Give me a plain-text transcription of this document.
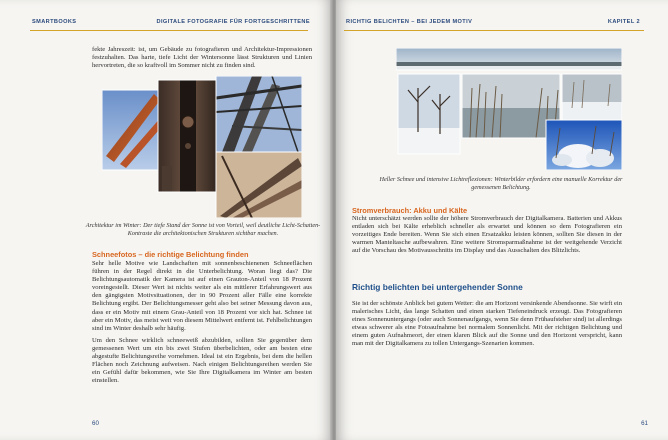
SMARTBOOKS	DIGITALE FOTOGRAFIE FÜR FORTGESCHRITTENE

fekte Jahreszeit: ist, um Gebäude zu fotografieren und Architektur-Impressionen festzuhalten. Das harte, tiefe Licht der Wintersonne lässt Strukturen und Linien hervortreten, die so kraftvoll im Sommer nicht zu finden sind.

Architektur im Winter: Der tiefe Stand der Sonne ist von Vorteil, weil deutliche Licht-Schatten-Kontraste die architektonischen Strukturen sichtbar machen.
Schneefotos – die richtige Belichtung finden

Sehr helle Motive wie Landschaften mit sonnenbeschienenen Schneeflächen führen in der Regel direkt in die Unterbelichtung. Woran liegt das? Die Belichtungsautomatik der Kamera ist auf einen Grauton-Anteil von 18 Prozent voreingestellt. Dieser Wert ist nichts weiter als ein mittlerer Erfahrungswert aus den gängigsten Motivsituationen, der in 90 Prozent aller Fälle eine korrekte Belichtung ergibt. Der Belichtungsmesser geht also bei seiner Messung davon aus, dass er ein Motiv mit einem Grau-Anteil von 18 Prozent vor sich hat. Schnee ist aber ein Motiv, das meist weit von diesem Mittelwert entfernt ist. Fehlbelichtungen sind im Winter deshalb sehr häufig.

Um den Schnee wirklich schneeweiß abzubilden, sollten Sie gegenüber dem gemessenen Wert um ein bis zwei Stufen überbelichten, oder am besten eine abgestufte Belichtungsreihe vornehmen. Ideal ist ein Ergebnis, bei dem die hellen Flächen noch Zeichnung aufweisen. Nach einigen Belichtungsreihen werden Sie ein Gefühl dafür bekommen, wie Sie Ihre Digitalkamera im Winter am besten einstellen.

60
RICHTIG BELICHTEN – BEI JEDEM MOTIV	KAPITEL 2
Heller Schnee und intensive Lichtreflexionen: Winterbilder erfordern eine manuelle Korrektur der gemessenen Belichtung.
Stromverbrauch: Akku und Kälte
Nicht unterschätzt werden sollte der höhere Stromverbrauch der Digitalkamera. Batterien und Akkus entladen sich bei Kälte erheblich schneller als erwartet und können so dem Fotografieren ein vorzeitiges Ende bereiten. Wenn Sie sich einen Ersatzakku leisten können, sollten Sie diesen in der warmen Manteltasche aufbewahren. Eine weitere Stromsparmaßnahme ist der weitgehende Verzicht auf die Vorschau des Motivausschnitts im Display und das Ausschalten des Blitzlichts.
Richtig belichten bei untergehender Sonne
Sie ist der schönste Anblick bei gutem Wetter: die am Horizont versinkende Abendsonne. Sie wirft ein malerisches Licht, das lange Schatten und einen starken Tiefeneindruck erzeugt. Das Fotografieren eines Sonnenuntergangs (oder auch Sonnenaufgangs, wenn Sie denn Frühaufsteher sind) ist allerdings etwas schwerer als eine Fotoaufnahme bei normalem Sonnenlicht. Mit der richtigen Belichtung und einem guten Aufnahmeort, der einen klaren Blick auf die Sonne und den Horizont verspricht, kann man mit der Digitalkamera zu tollen Untergangs-Szenarien kommen.
61
